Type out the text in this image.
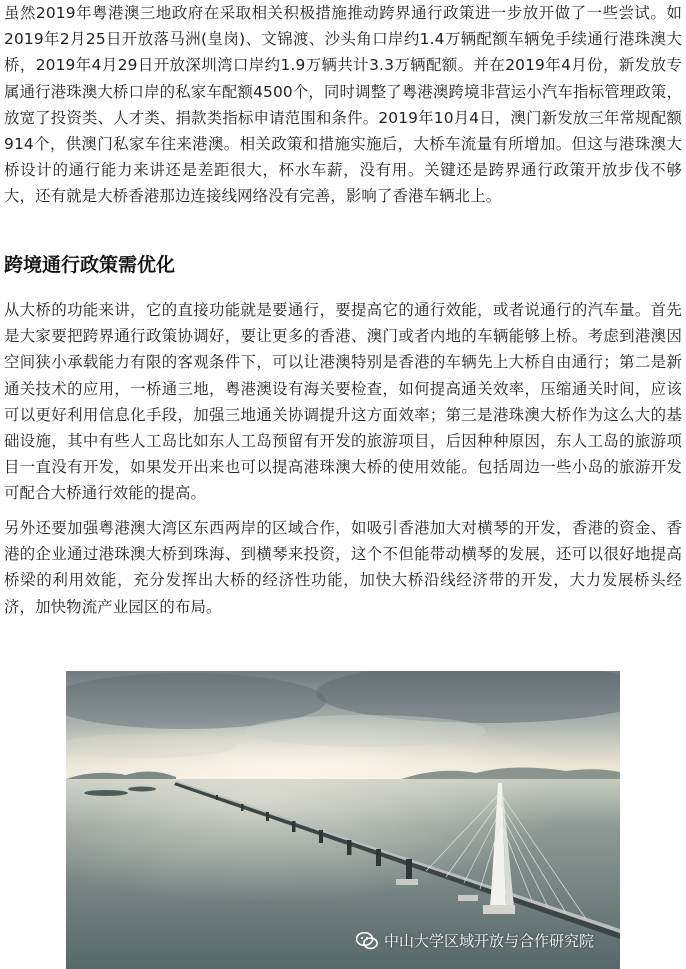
虽然2019年粤港澳三地政府在采取相关积极措施推动跨界通行政策进一步放开做了一些尝试。如2019年2月25日开放落马洲(皇岗)、文锦渡、沙头角口岸约1.4万辆配额车辆免手续通行港珠澳大桥，2019年4月29日开放深圳湾口岸约1.9万辆共计3.3万辆配额。并在2019年4月份，新发放专属通行港珠澳大桥口岸的私家车配额4500个，同时调整了粤港澳跨境非营运小汽车指标管理政策，放宽了投资类、人才类、捐款类指标申请范围和条件。2019年10月4日，澳门新发放三年常规配额914个，供澳门私家车往来港澳。相关政策和措施实施后，大桥车流量有所增加。但这与港珠澳大桥设计的通行能力来讲还是差距很大，杯水车薪，没有用。关键还是跨界通行政策开放步伐不够大，还有就是大桥香港那边连接线网络没有完善，影响了香港车辆北上。

跨境通行政策需优化

从大桥的功能来讲，它的直接功能就是要通行，要提高它的通行效能，或者说通行的汽车量。首先是大家要把跨界通行政策协调好，要让更多的香港、澳门或者内地的车辆能够上桥。考虑到港澳因空间狭小承载能力有限的客观条件下，可以让港澳特别是香港的车辆先上大桥自由通行；第二是新通关技术的应用，一桥通三地，粤港澳设有海关要检查，如何提高通关效率，压缩通关时间，应该可以更好利用信息化手段，加强三地通关协调提升这方面效率；第三是港珠澳大桥作为这么大的基础设施，其中有些人工岛比如东人工岛预留有开发的旅游项目，后因种种原因，东人工岛的旅游项目一直没有开发，如果发开出来也可以提高港珠澳大桥的使用效能。包括周边一些小岛的旅游开发可配合大桥通行效能的提高。

另外还要加强粤港澳大湾区东西两岸的区域合作，如吸引香港加大对横琴的开发，香港的资金、香港的企业通过港珠澳大桥到珠海、到横琴来投资，这个不但能带动横琴的发展，还可以很好地提高桥梁的利用效能，充分发挥出大桥的经济性功能，加快大桥沿线经济带的开发，大力发展桥头经济，加快物流产业园区的布局。

中山大学区域开放与合作研究院
